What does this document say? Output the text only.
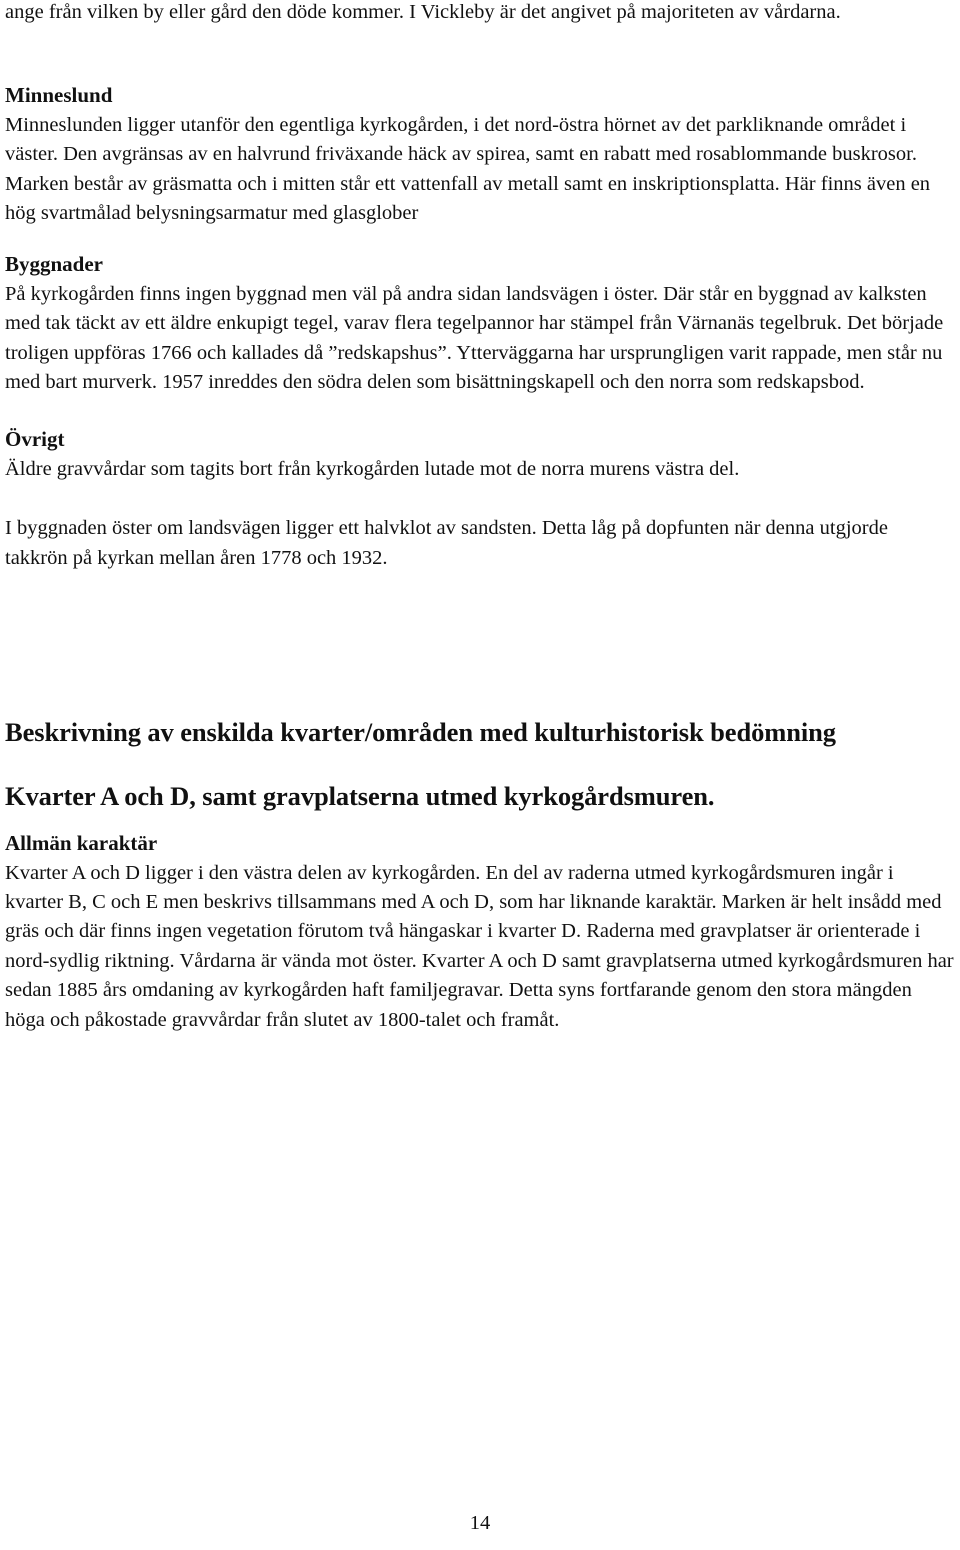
ange från vilken by eller gård den döde kommer. I Vickleby är det angivet på majoriteten av vårdarna.

Minneslund

Minneslunden ligger utanför den egentliga kyrkogården, i det nord-östra hörnet av det parkliknande området i väster. Den avgränsas av en halvrund friväxande häck av spirea, samt en rabatt med rosablommande buskrosor. Marken består av gräsmatta och i mitten står ett vattenfall av metall samt en inskriptionsplatta. Här finns även en hög svartmålad belysningsarmatur med glasglober

Byggnader

På kyrkogården finns ingen byggnad men väl på andra sidan landsvägen i öster. Där står en byggnad av kalksten med tak täckt av ett äldre enkupigt tegel, varav flera tegelpannor har stämpel från Värnanäs tegelbruk. Det började troligen uppföras 1766 och kallades då ”redskapshus”. Ytterväggarna har ursprungligen varit rappade, men står nu med bart murverk. 1957 inreddes den södra delen som bisättningskapell och den norra som redskapsbod.

Övrigt

Äldre gravvårdar som tagits bort från kyrkogården lutade mot de norra murens västra del.

I byggnaden öster om landsvägen ligger ett halvklot av sandsten. Detta låg på dopfunten när denna utgjorde takkrön på kyrkan mellan åren 1778 och 1932.

Beskrivning av enskilda kvarter/områden med kulturhistorisk bedömning
Kvarter A och D, samt gravplatserna utmed kyrkogårdsmuren.
Allmän karaktär

Kvarter A och D ligger i den västra delen av kyrkogården. En del av raderna utmed kyrkogårdsmuren ingår i kvarter B, C och E men beskrivs tillsammans med A och D, som har liknande karaktär. Marken är helt insådd med gräs och där finns ingen vegetation förutom två hängaskar i kvarter D. Raderna med gravplatser är orienterade i nord-sydlig riktning. Vårdarna är vända mot öster. Kvarter A och D samt gravplatserna utmed kyrkogårdsmuren har sedan 1885 års omdaning av kyrkogården haft familjegravar. Detta syns fortfarande genom den stora mängden höga och påkostade gravvårdar från slutet av 1800-talet och framåt.

14
